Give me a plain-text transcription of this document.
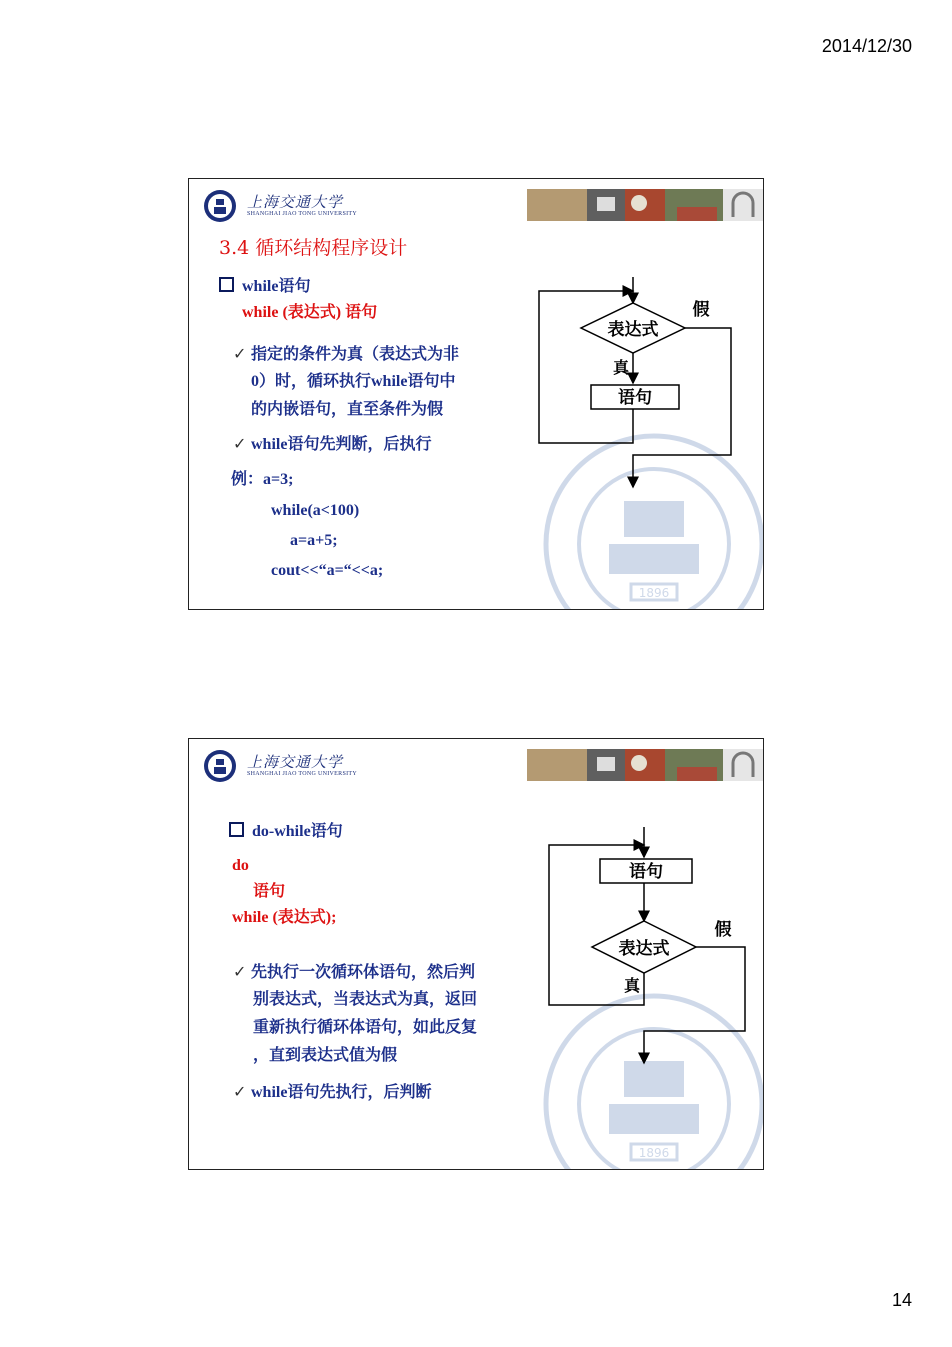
2014/12/30
上海交通大学
SHANGHAI JIAO TONG UNIVERSITY
1896
3.4 循环结构程序设计
while语句
while (表达式) 语句
✓ 指定的条件为真（表达式为非
0）时，循环执行while语句中
的内嵌语句，直至条件为假
✓ while语句先判断，后执行
例：a=3;
while(a<100)
a=a+5;
cout<<“a=“<<a;
表达式
真
语句
假
上海交通大学
SHANGHAI JIAO TONG UNIVERSITY
1896
do-while语句
do
语句
while (表达式);
✓ 先执行一次循环体语句，然后判
别表达式，当表达式为真，返回
重新执行循环体语句，如此反复
，直到表达式值为假
✓ while语句先执行，后判断
语句
表达式
真
假
14
